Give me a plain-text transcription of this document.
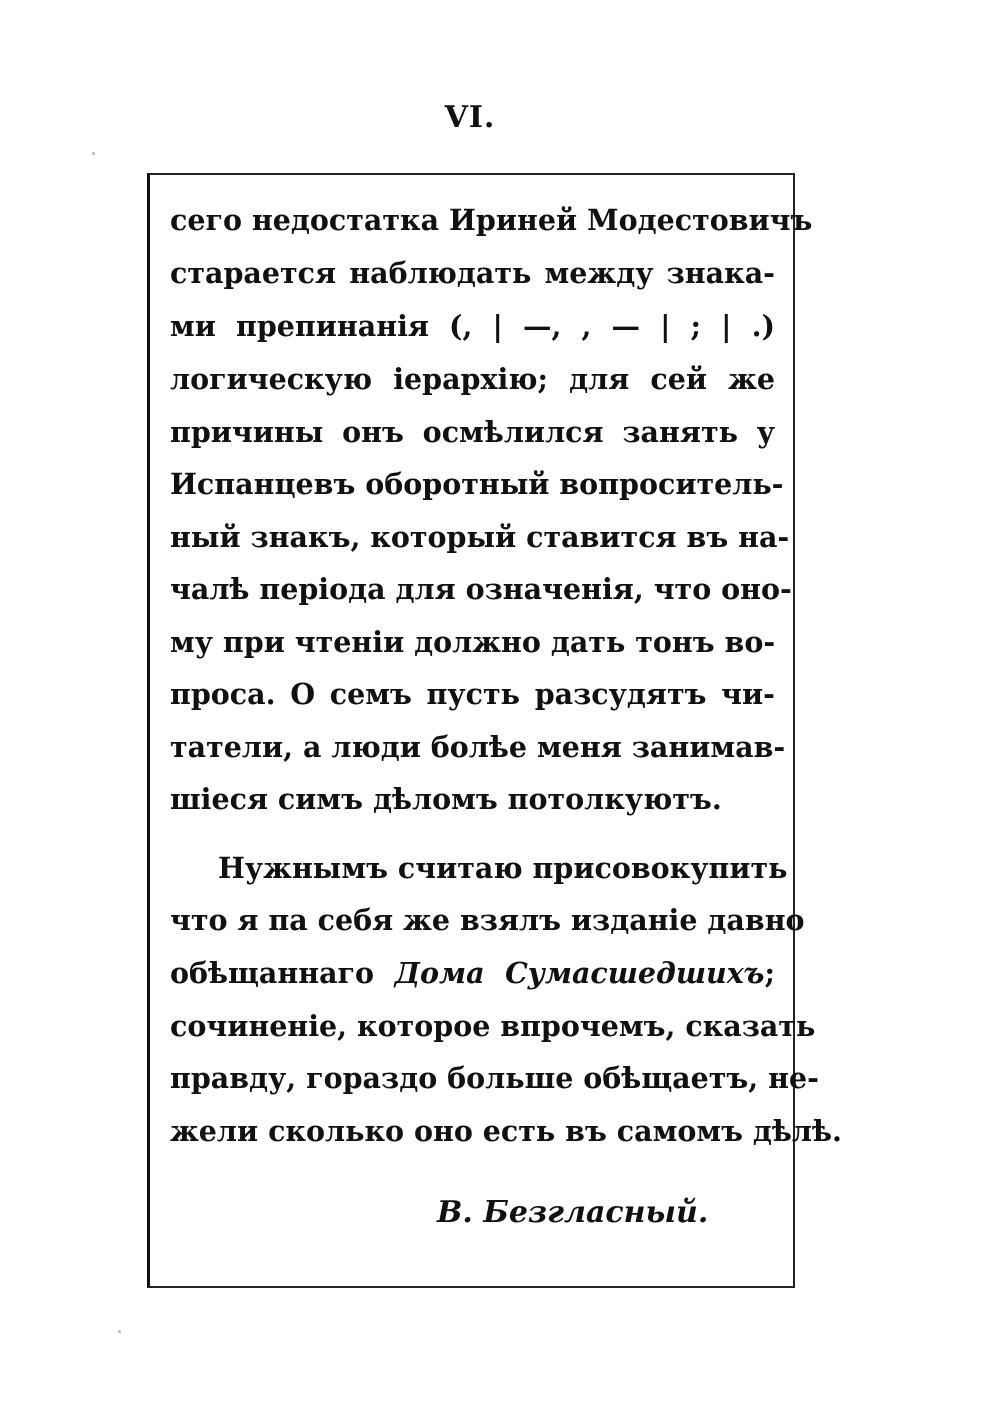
VI.
сего недостатка Ириней Модестовичъ
старается наблюдать между знака-
ми препинанія (, | —, , — | ; | .)
логическую іерархію; для сей же
причины онъ осмѣлился занять у
Испанцевъ оборотный вопроситель-
ный знакъ, который ставится въ на-
чалѣ періода для означенія, что оно-
му при чтеніи должно дать тонъ во-
проса. О семъ пусть разсудятъ чи-
татели, а люди болѣе меня занимав-
шіеся симъ дѣломъ потолкуютъ.
Нужнымъ считаю присовокупить
что я па себя же взялъ изданіе давно
обѣщаннаго Дома Сумасшедшихъ;
сочиненіе, которое впрочемъ, сказать
правду, гораздо больше обѣщаетъ, не-
жели сколько оно есть въ самомъ дѣлѣ.
В. Безгласный.
